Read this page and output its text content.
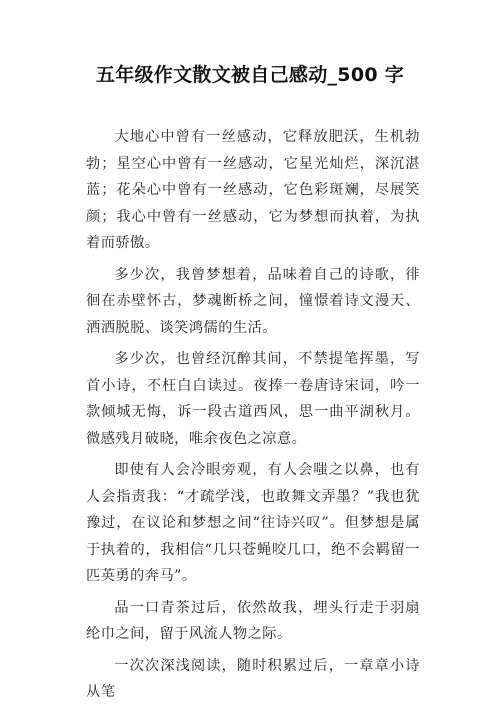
五年级作文散文被自己感动_500 字

大地心中曾有一丝感动，它释放肥沃，生机勃勃；星空心中曾有一丝感动，它星光灿烂，深沉湛蓝；花朵心中曾有一丝感动，它色彩斑斓，尽展笑颜；我心中曾有一丝感动，它为梦想而执着，为执着而骄傲。

多少次，我曾梦想着，品味着自己的诗歌，徘徊在赤壁怀古，梦魂断桥之间，憧憬着诗文漫天、洒洒脱脱、谈笑鸿儒的生活。

多少次，也曾经沉醉其间，不禁提笔挥墨，写首小诗，不枉白白读过。夜捧一卷唐诗宋词，吟一款倾城无悔，诉一段古道西风，思一曲平湖秋月。微感残月破晓，唯余夜色之凉意。

即使有人会冷眼旁观，有人会嗤之以鼻，也有人会指责我：“才疏学浅，也敢舞文弄墨？”我也犹豫过，在议论和梦想之间“往诗兴叹”。但梦想是属于执着的，我相信“几只苍蝇咬几口，绝不会羁留一匹英勇的奔马”。

品一口青茶过后，依然故我，埋头行走于羽扇纶巾之间，留于风流人物之际。

一次次深浅阅读，随时积累过后，一章章小诗从笔
